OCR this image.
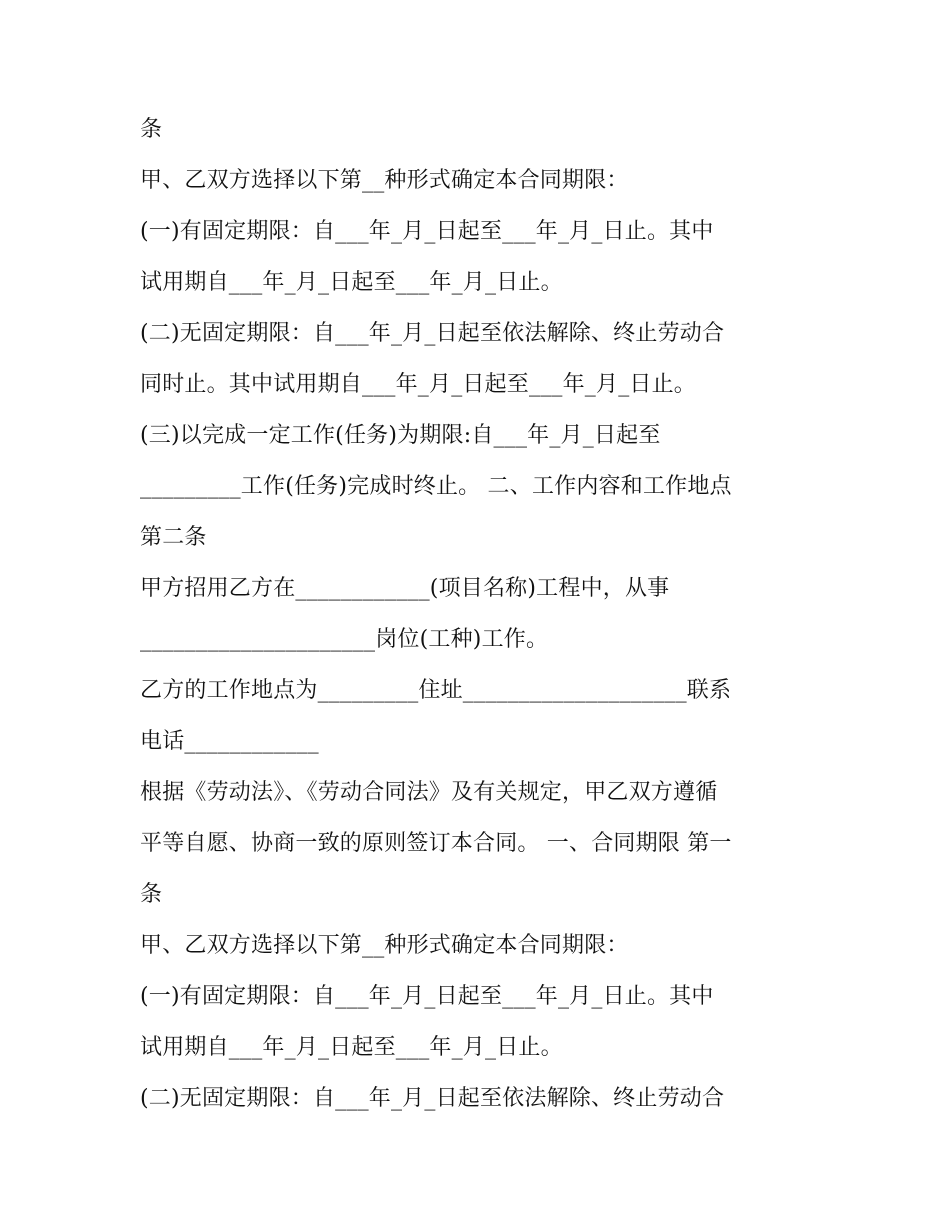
条
甲、乙双方选择以下第__种形式确定本合同期限：
(一)有固定期限：自___年_月_日起至___年_月_日止。其中
试用期自___年_月_日起至___年_月_日止。
(二)无固定期限：自___年_月_日起至依法解除、终止劳动合
同时止。其中试用期自___年_月_日起至___年_月_日止。
(三)以完成一定工作(任务)为期限:自___年_月_日起至
_________工作(任务)完成时终止。 二、工作内容和工作地点
第二条
甲方招用乙方在____________(项目名称)工程中，从事
_____________________岗位(工种)工作。
乙方的工作地点为_________住址____________________联系
电话____________
根据《劳动法》、《劳动合同法》及有关规定，甲乙双方遵循
平等自愿、协商一致的原则签订本合同。 一、合同期限 第一
条
甲、乙双方选择以下第__种形式确定本合同期限：
(一)有固定期限：自___年_月_日起至___年_月_日止。其中
试用期自___年_月_日起至___年_月_日止。
(二)无固定期限：自___年_月_日起至依法解除、终止劳动合
